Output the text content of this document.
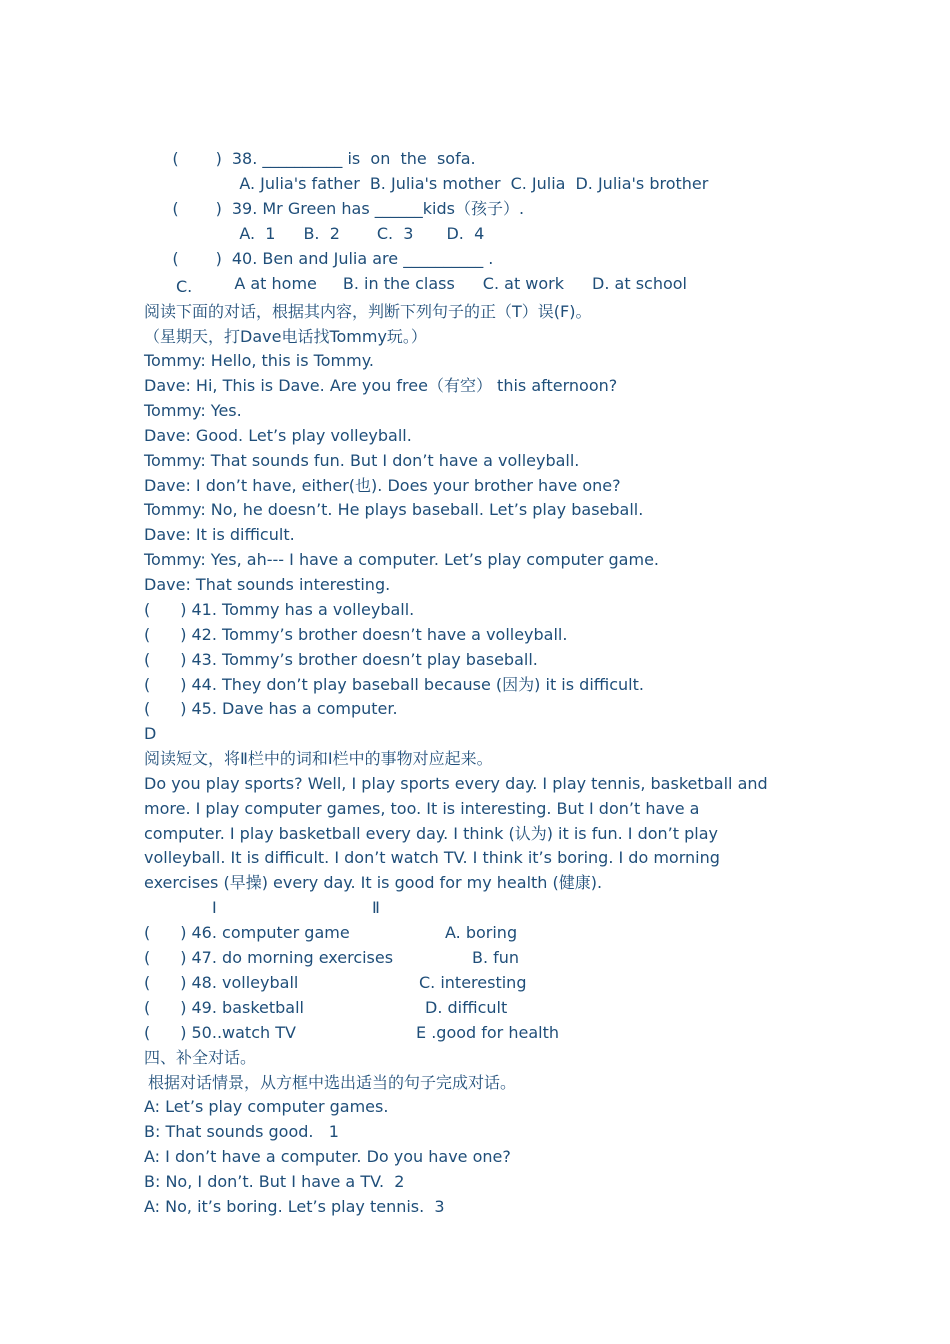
( ) 38. __________ is  on  the  sofa.

A. Julia's father B. Julia's mother C. Julia D. Julia's brother

( ) 39. Mr Green has ______kids（孩子）.

A.  1 B.  2 C.  3 D.  4

( ) 40. Ben and Julia are __________ .

A at home B. in the class C. at work D. at school

C.
阅读下面的对话，根据其内容，判断下列句子的正（T）误(F)。
（星期天，打Dave电话找Tommy玩。）
Tommy: Hello, this is Tommy.
Dave: Hi, This is Dave. Are you free（有空） this afternoon?
Tommy: Yes.
Dave: Good. Let’s play volleyball.
Tommy: That sounds fun. But I don’t have a volleyball.
Dave: I don’t have, either(也). Does your brother have one?
Tommy: No, he doesn’t. He plays baseball. Let’s play baseball.
Dave: It is difficult.
Tommy: Yes, ah--- I have a computer. Let’s play computer game.
Dave: That sounds interesting.
( ) 41. Tommy has a volleyball.
( ) 42. Tommy’s brother doesn’t have a volleyball.
( ) 43. Tommy’s brother doesn’t play baseball.
( ) 44. They don’t play baseball because (因为) it is difficult.
( ) 45. Dave has a computer.
D
阅读短文，将Ⅱ栏中的词和Ⅰ栏中的事物对应起来。
Do you play sports? Well, I play sports every day. I play tennis, basketball and
more. I play computer games, too. It is interesting. But I don’t have a
computer. I play basketball every day. I think (认为) it is fun. I don’t play
volleyball. It is difficult. I don’t watch TV. I think it’s boring. I do morning
exercises (早操) every day. It is good for my health (健康).
Ⅰ	Ⅱ
( ) 46. computer game	A. boring
( ) 47. do morning exercises	B. fun
( ) 48. volleyball	C. interesting
( ) 49. basketball	D. difficult
( ) 50..watch TV	E .good for health
四、补全对话。
根据对话情景，从方框中选出适当的句子完成对话。
A: Let’s play computer games.
B: That sounds good.   1
A: I don’t have a computer. Do you have one?
B: No, I don’t. But I have a TV.  2
A: No, it’s boring. Let’s play tennis.  3
